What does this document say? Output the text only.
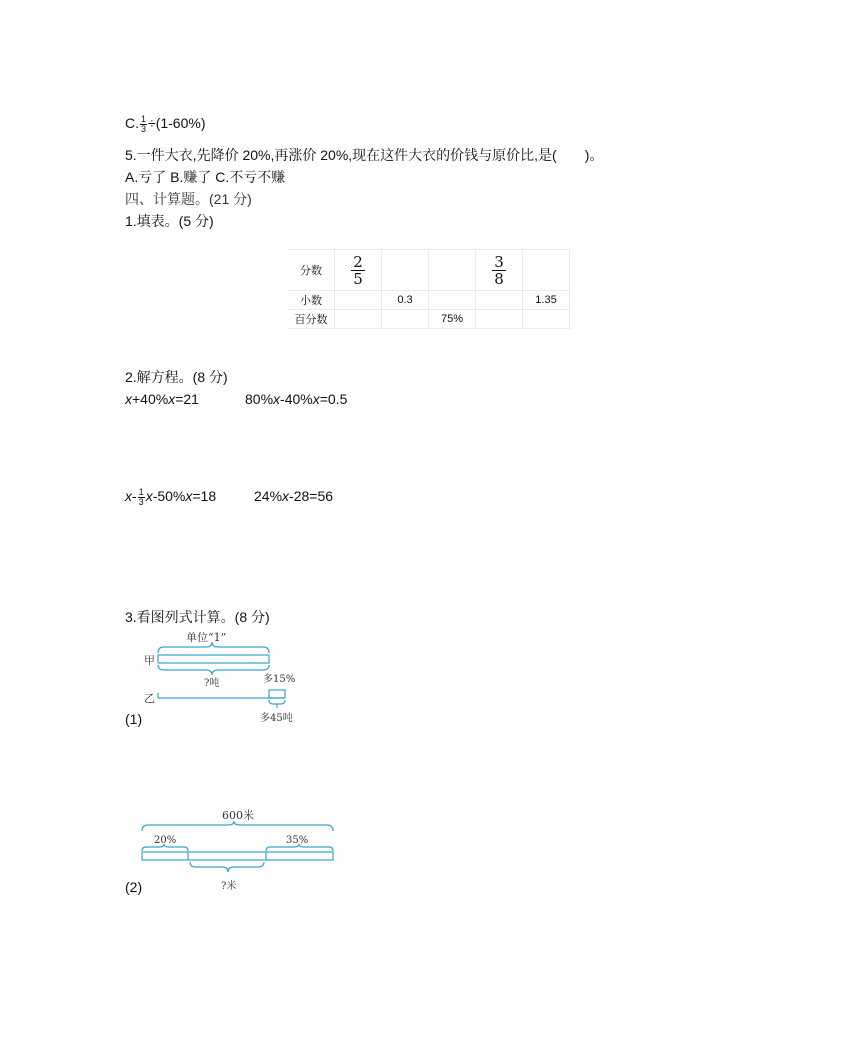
C. $\frac{1}{3} \div(1-60\%)$
5.一件大衣,先降价 20%,再涨价 20%,现在这件大衣的价钱与原价比,是(　　)。
A.亏了 B.赚了 C.不亏不赚
四、计算题。(21 分)
1.填表。(5 分)
分数	$\frac{2}{5}$			$\frac{3}{8}$

小数		0.3			1.35
百分数			75%		
2.解方程。(8 分)
x+40%x=21	80%x-40%x=0.5
$x- \frac{1}{3} x-50\%x=18$	24%x-28=56
3.看图列式计算。(8 分)
单位“1”
甲
?吨	多15%
乙
多45吨
(1)
600米
20%	35%
?米
(2)
